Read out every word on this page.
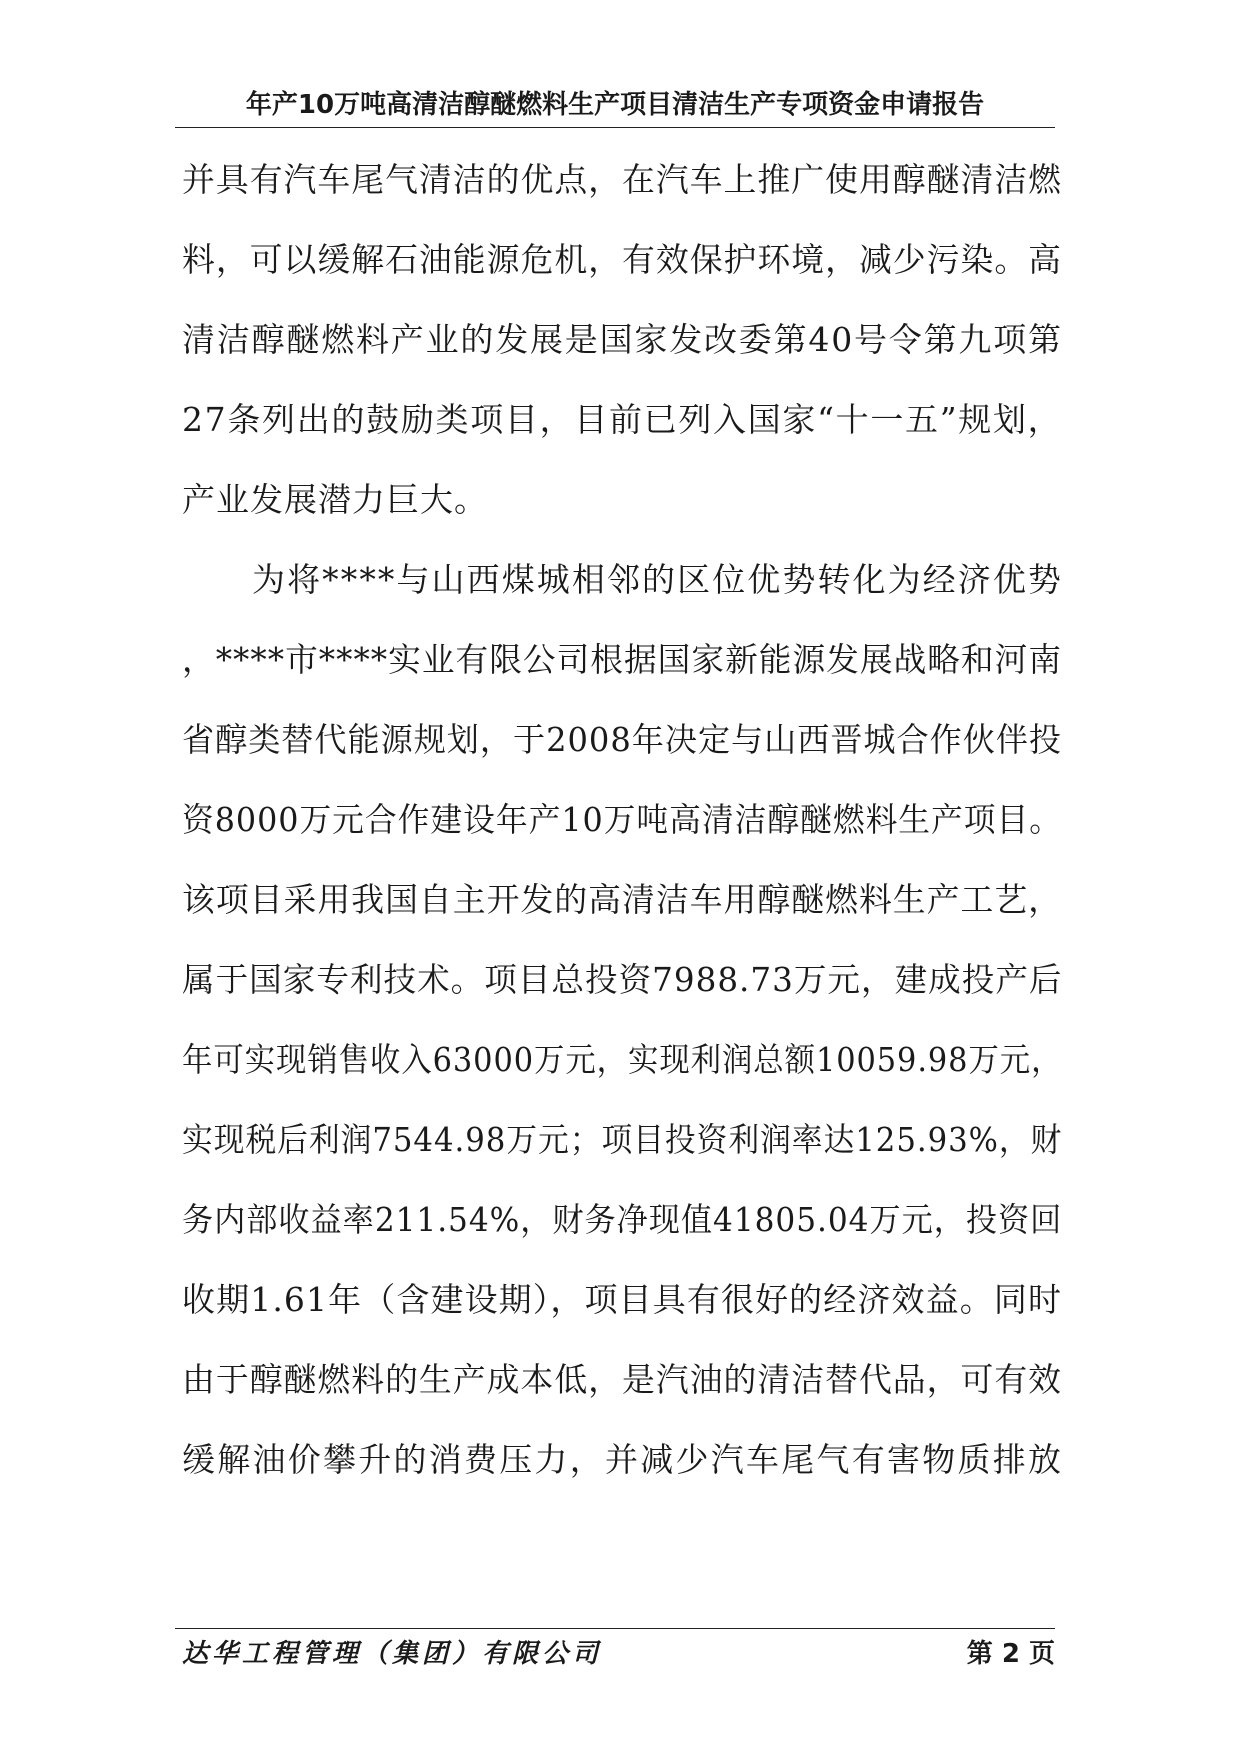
年产10万吨高清洁醇醚燃料生产项目清洁生产专项资金申请报告
并具有汽车尾气清洁的优点，在汽车上推广使用醇醚清洁燃
料，可以缓解石油能源危机，有效保护环境，减少污染。高
清洁醇醚燃料产业的发展是国家发改委第40号令第九项第
27条列出的鼓励类项目，目前已列入国家“十一五”规划，
产业发展潜力巨大。
为将****与山西煤城相邻的区位优势转化为经济优势
，****市****实业有限公司根据国家新能源发展战略和河南
省醇类替代能源规划，于2008年决定与山西晋城合作伙伴投
资8000万元合作建设年产10万吨高清洁醇醚燃料生产项目。
该项目采用我国自主开发的高清洁车用醇醚燃料生产工艺，
属于国家专利技术。项目总投资7988.73万元，建成投产后
年可实现销售收入63000万元，实现利润总额10059.98万元，
实现税后利润7544.98万元；项目投资利润率达125.93%，财
务内部收益率211.54%，财务净现值41805.04万元，投资回
收期1.61年（含建设期），项目具有很好的经济效益。同时
由于醇醚燃料的生产成本低，是汽油的清洁替代品，可有效
缓解油价攀升的消费压力，并减少汽车尾气有害物质排放
达华工程管理（集团）有限公司	第 2 页
